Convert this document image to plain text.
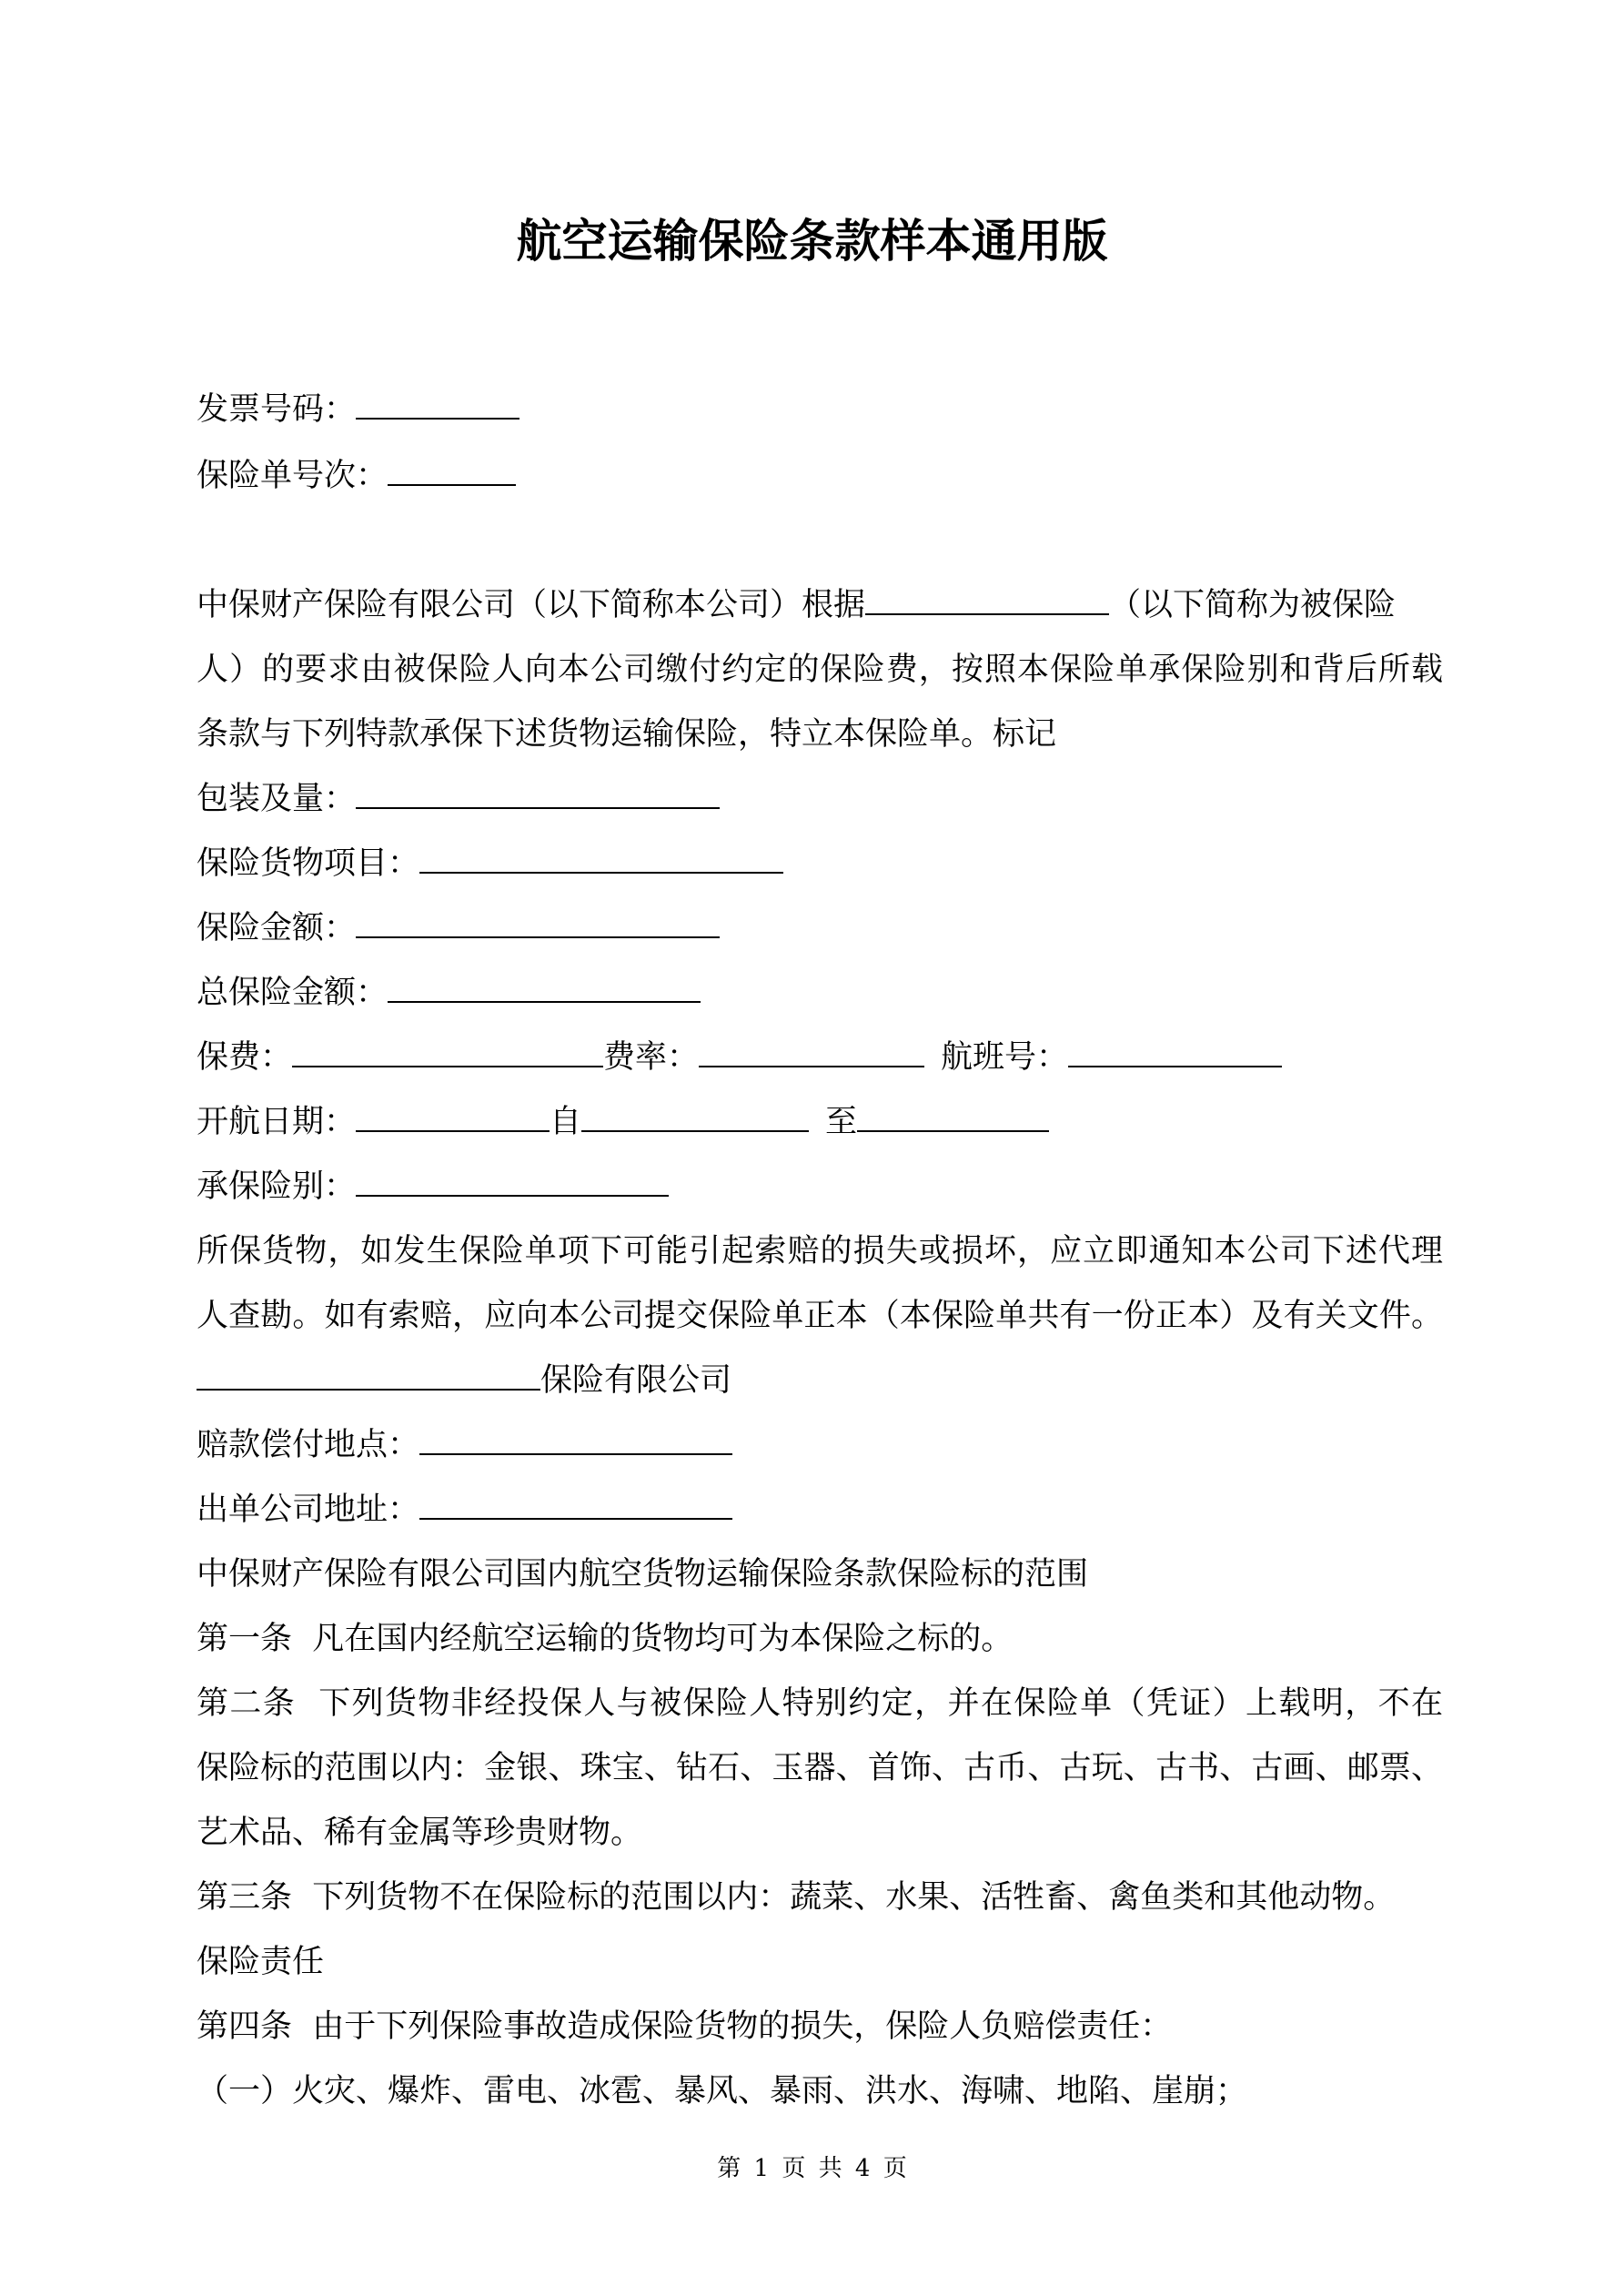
航空运输保险条款样本通用版
发票号码：
保险单号次：
中保财产保险有限公司（以下简称本公司）根据	（以下简称为被保险
人）的要求由被保险人向本公司缴付约定的保险费，按照本保险单承保险别和背后所载
条款与下列特款承保下述货物运输保险，特立本保险单。标记
包装及量：
保险货物项目：
保险金额：
总保险金额：
保费：	费率：	航班号：
开航日期：	自	至
承保险别：
所保货物，如发生保险单项下可能引起索赔的损失或损坏，应立即通知本公司下述代理
人查勘。如有索赔，应向本公司提交保险单正本（本保险单共有一份正本）及有关文件。
保险有限公司
赔款偿付地点：
出单公司地址：
中保财产保险有限公司国内航空货物运输保险条款保险标的范围
第一条  凡在国内经航空运输的货物均可为本保险之标的。
第二条  下列货物非经投保人与被保险人特别约定，并在保险单（凭证）上载明，不在
保险标的范围以内：金银、珠宝、钻石、玉器、首饰、古币、古玩、古书、古画、邮票、
艺术品、稀有金属等珍贵财物。
第三条  下列货物不在保险标的范围以内：蔬菜、水果、活牲畜、禽鱼类和其他动物。
保险责任
第四条  由于下列保险事故造成保险货物的损失，保险人负赔偿责任：
（一）火灾、爆炸、雷电、冰雹、暴风、暴雨、洪水、海啸、地陷、崖崩；
第 1 页 共 4 页
